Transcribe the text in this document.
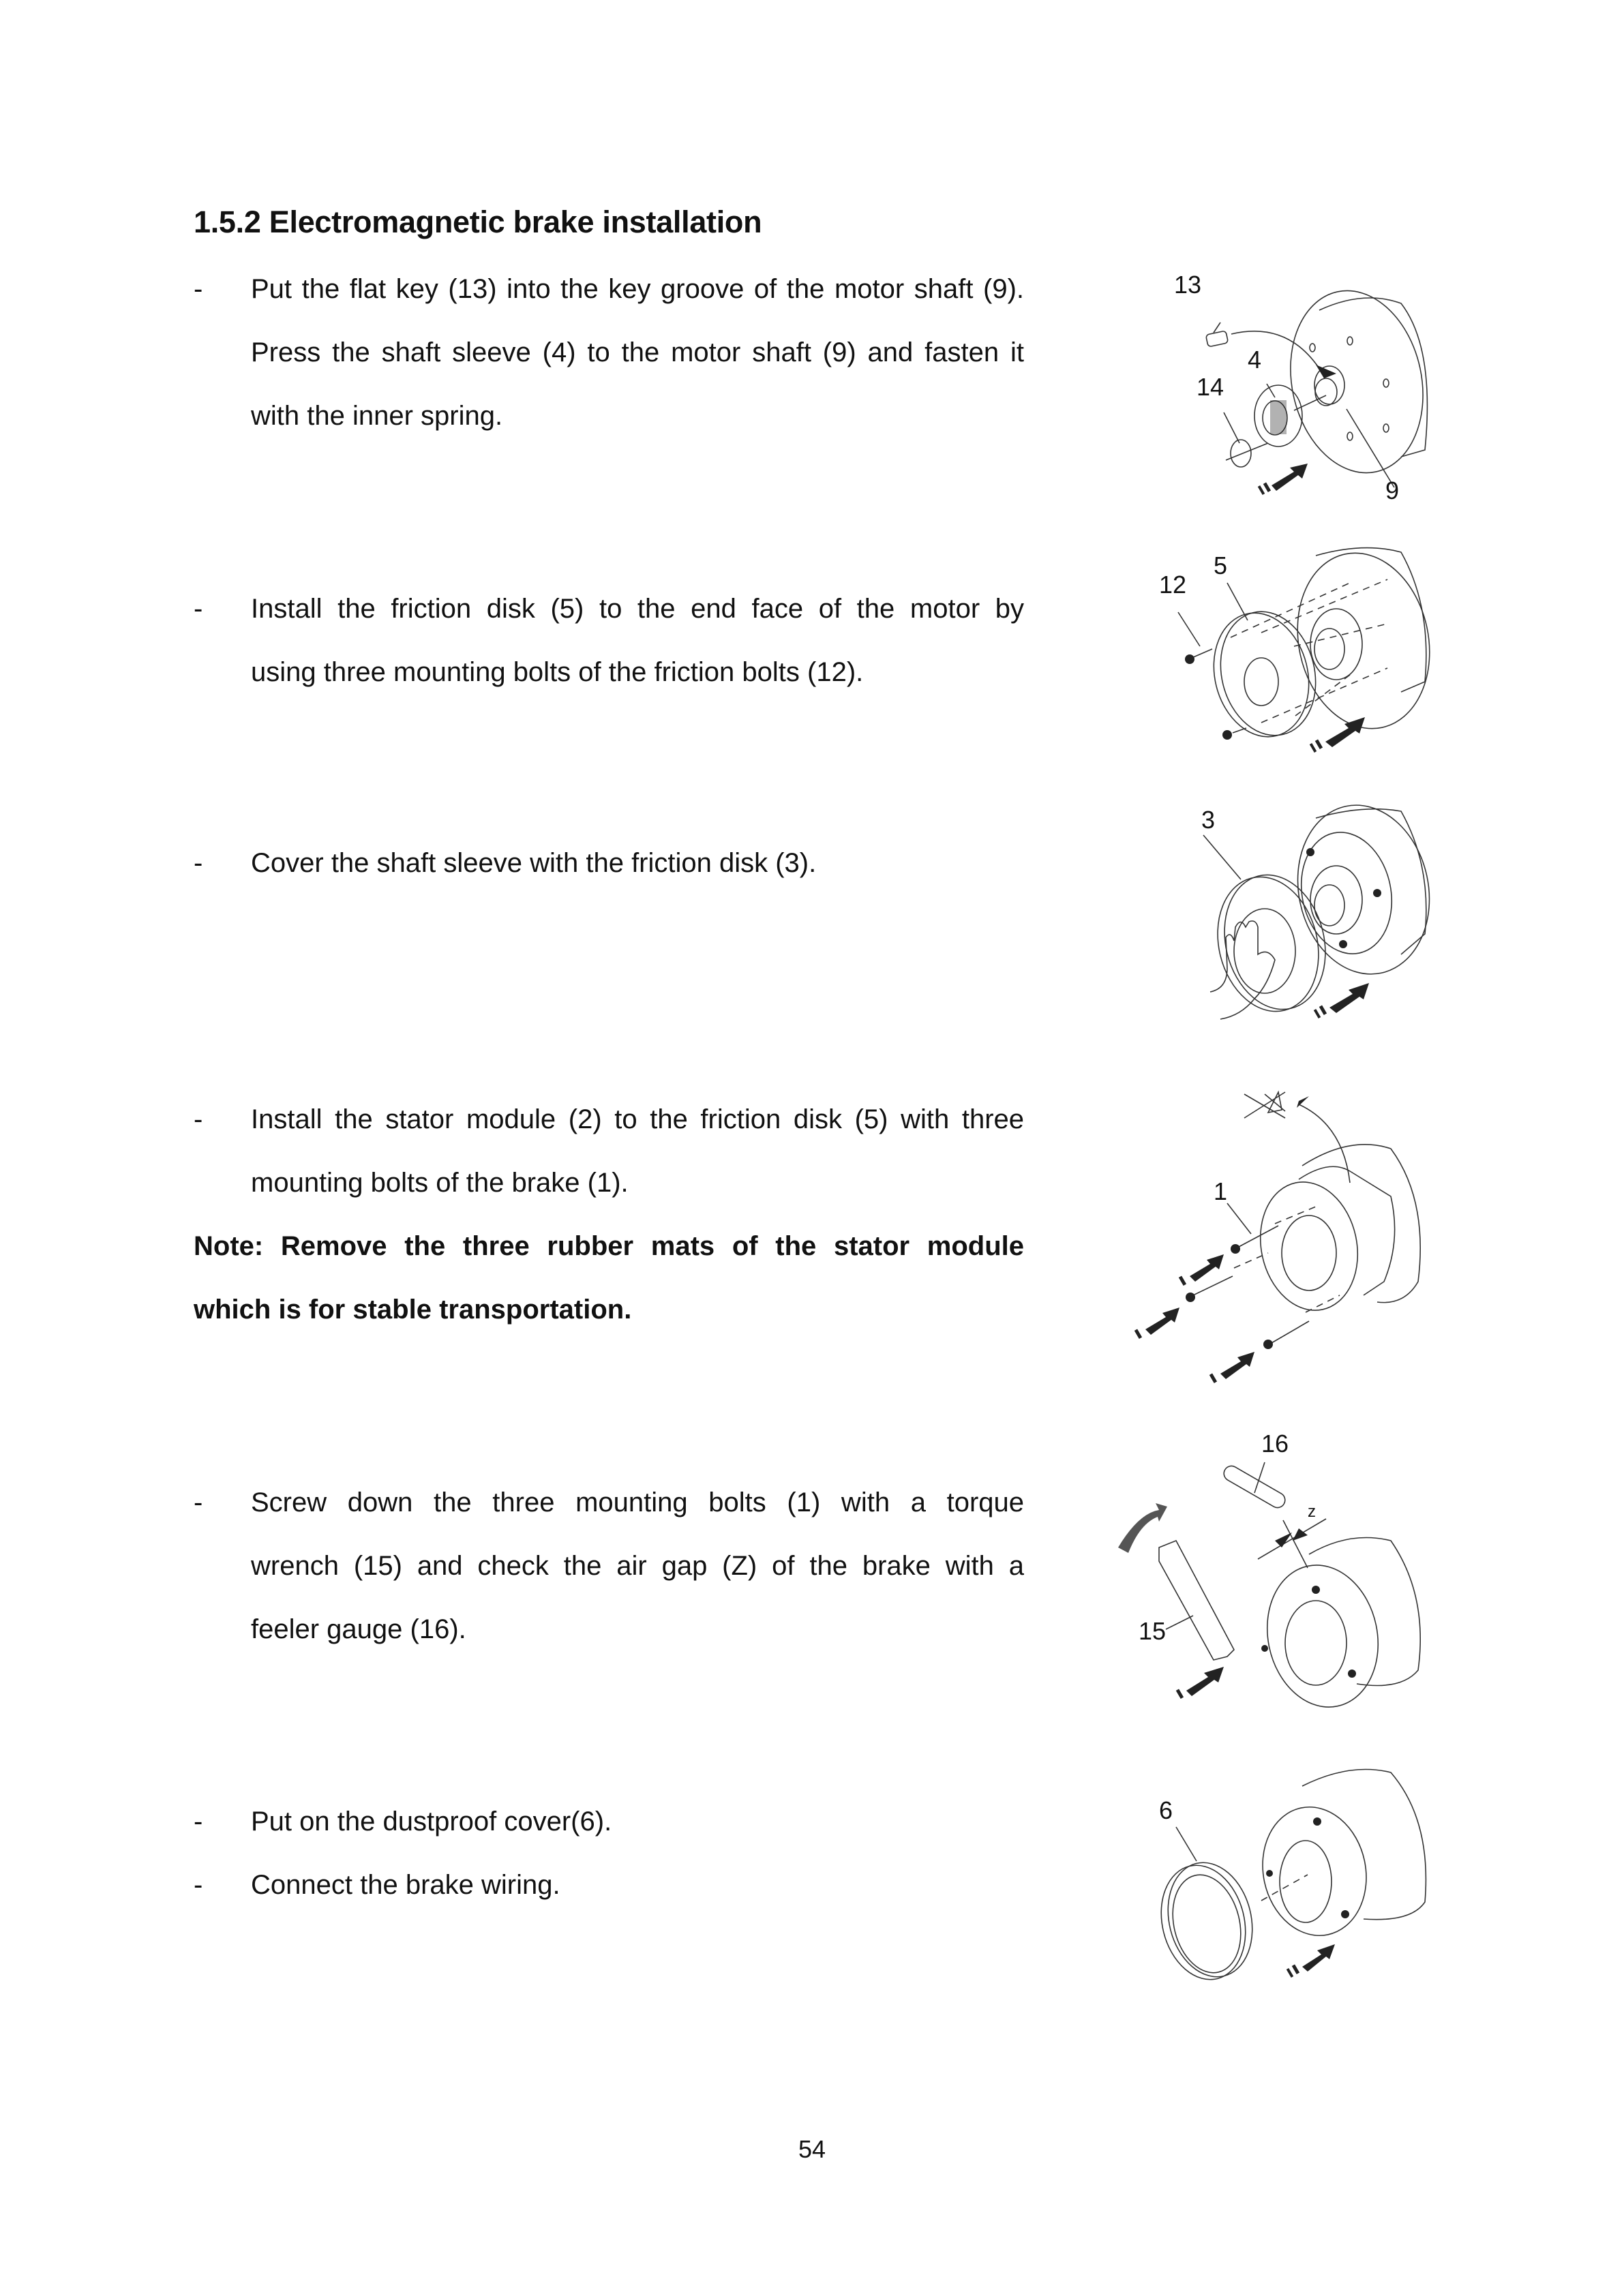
1.5.2 Electromagnetic brake installation
-	Put the flat key (13) into the key groove of the motor shaft (9).
Press the shaft sleeve (4) to the motor shaft (9) and fasten it
with the inner spring.
-	Install the friction disk (5) to the end face of the motor by
using three mounting bolts of the friction bolts (12).
-	Cover the shaft sleeve with the friction disk (3).
-	Install the stator module (2) to the friction disk (5) with three
mounting bolts of the brake (1).
Note: Remove the three rubber mats of the stator module
which is for stable transportation.
-	Screw down the three mounting bolts (1) with a torque
wrench (15) and check the air gap (Z) of the brake with a
feeler gauge (16).
-	Put on the dustproof cover(6).
-	Connect the brake wiring.
13
4
14
9
5
12
3
1
16
z
15
6
54
